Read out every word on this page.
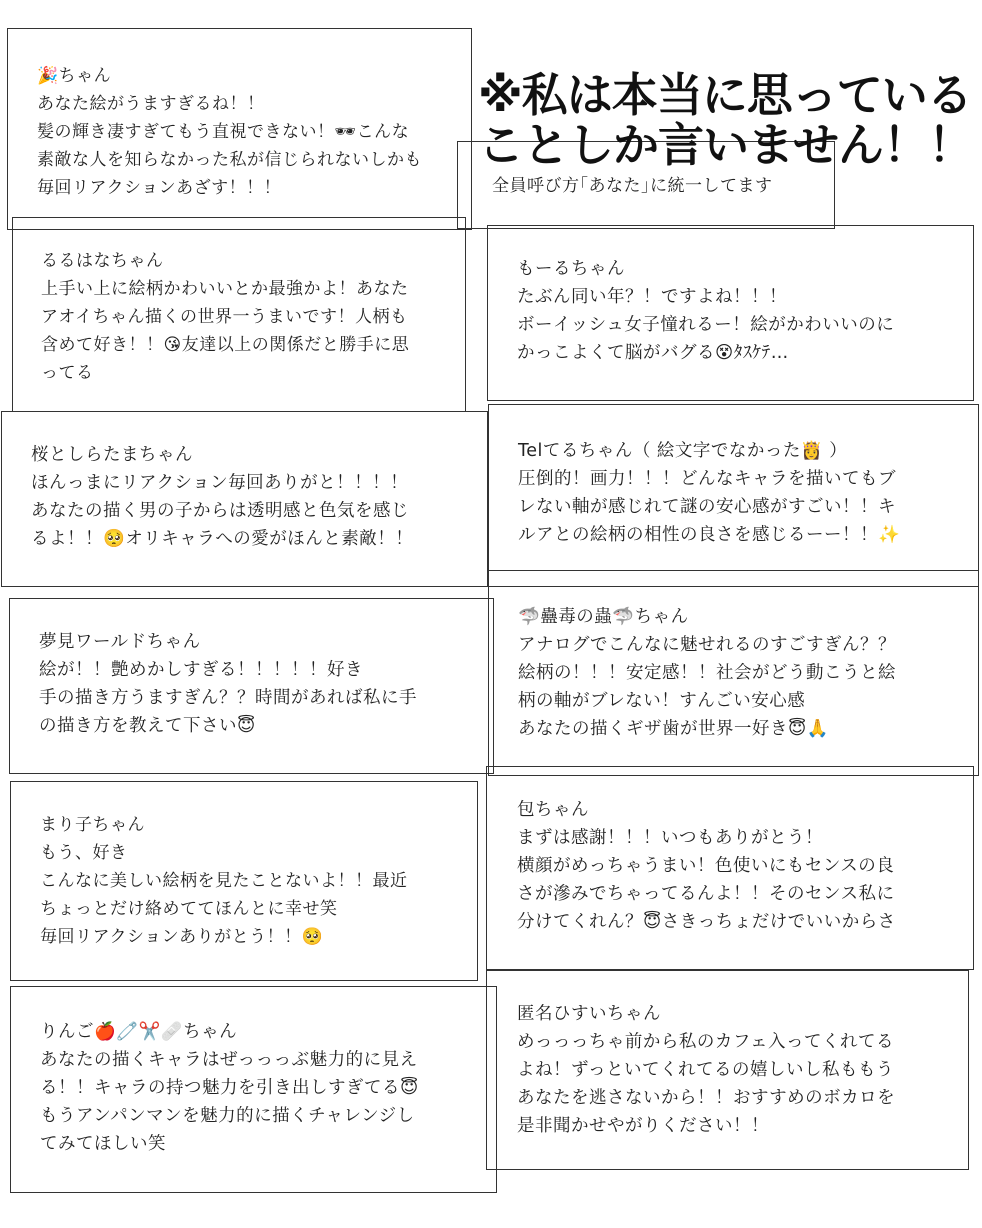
※私は本当に思っている
ことしか言いません！！
全員呼び方｢あなた｣に統一してます
🎉ちゃん
あなた絵がうますぎるね！！
髪の輝き凄すぎてもう直視できない！🕶こんな
素敵な人を知らなかった私が信じられないしかも
毎回リアクションあざす！！！
るるはなちゃん
上手い上に絵柄かわいいとか最強かよ！あなた
アオイちゃん描くの世界一うまいです！人柄も
含めて好き！！😘友達以上の関係だと勝手に思
ってる
もーるちゃん
たぶん同い年？！ですよね！！！
ボーイッシュ女子憧れるー！絵がかわいいのに
かっこよくて脳がバグる😵ﾀｽｹﾃ…
桜としらたまちゃん
ほんっまにリアクション毎回ありがと！！！！
あなたの描く男の子からは透明感と色気を感じ
るよ！！🥺オリキャラへの愛がほんと素敵！！
Telてるちゃん（ 絵文字でなかった👸 ）
圧倒的！画力！！！どんなキャラを描いてもブ
レない軸が感じれて謎の安心感がすごい！！キ
ルアとの絵柄の相性の良さを感じるーー！！✨
夢見ワールドちゃん
絵が！！艶めかしすぎる！！！！！好き
手の描き方うますぎん？？時間があれば私に手
の描き方を教えて下さい😇
🦈蠱毒の蟲🦈ちゃん
アナログでこんなに魅せれるのすごすぎん？？
絵柄の！！！安定感！！社会がどう動こうと絵
柄の軸がブレない！すんごい安心感
あなたの描くギザ歯が世界一好き😇🙏
まり子ちゃん
もう、好き
こんなに美しい絵柄を見たことないよ！！最近
ちょっとだけ絡めててほんとに幸せ笑
毎回リアクションありがとう！！🥺
包ちゃん
まずは感謝！！！いつもありがとう！
横顔がめっちゃうまい！色使いにもセンスの良
さが滲みでちゃってるんよ！！そのセンス私に
分けてくれん？😇さきっちょだけでいいからさ
りんご🍎🧷✂️🩹ちゃん
あなたの描くキャラはぜっっっぶ魅力的に見え
る！！キャラの持つ魅力を引き出しすぎてる😇
もうアンパンマンを魅力的に描くチャレンジし
てみてほしい笑
匿名ひすいちゃん
めっっっちゃ前から私のカフェ入ってくれてる
よね！ずっといてくれてるの嬉しいし私ももう
あなたを逃さないから！！おすすめのボカロを
是非聞かせやがりください！！
